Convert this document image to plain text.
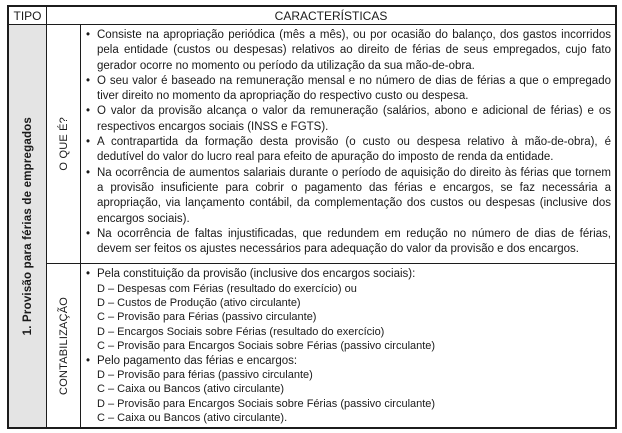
TIPO	CARACTERÍSTICAS
1. Provisão para férias de empregados O QUE É?
• Consiste na apropriação periódica (mês a mês), ou por ocasião do balanço, dos gastos incorridos pela entidade (custos ou despesas) relativos ao direito de férias de seus empregados, cujo fato gerador ocorre no momento ou período da utilização da sua mão-de-obra.
• O seu valor é baseado na remuneração mensal e no número de dias de férias a que o empregado tiver direito no momento da apropriação do respectivo custo ou despesa.
• O valor da provisão alcança o valor da remuneração (salários, abono e adicional de férias) e os respectivos encargos sociais (INSS e FGTS).
• A contrapartida da formação desta provisão (o custo ou despesa relativo à mão-de-obra), é dedutível do valor do lucro real para efeito de apuração do imposto de renda da entidade.
• Na ocorrência de aumentos salariais durante o período de aquisição do direito às férias que tornem a provisão insuficiente para cobrir o pagamento das férias e encargos, se faz necessária a apropriação, via lançamento contábil, da complementação dos custos ou despesas (inclusive dos encargos sociais).
• Na ocorrência de faltas injustificadas, que redundem em redução no número de dias de férias, devem ser feitos os ajustes necessários para adequação do valor da provisão e dos encargos.
CONTABILIZAÇÃO
• Pela constituição da provisão (inclusive dos encargos sociais):
D – Despesas com Férias (resultado do exercício) ou
D – Custos de Produção (ativo circulante)
C – Provisão para Férias (passivo circulante)
D – Encargos Sociais sobre Férias (resultado do exercício)
C – Provisão para Encargos Sociais sobre Férias (passivo circulante)
• Pelo pagamento das férias e encargos:
D – Provisão para férias (passivo circulante)
C – Caixa ou Bancos (ativo circulante)
D – Provisão para Encargos Sociais sobre Férias (passivo circulante)
C – Caixa ou Bancos (ativo circulante).
